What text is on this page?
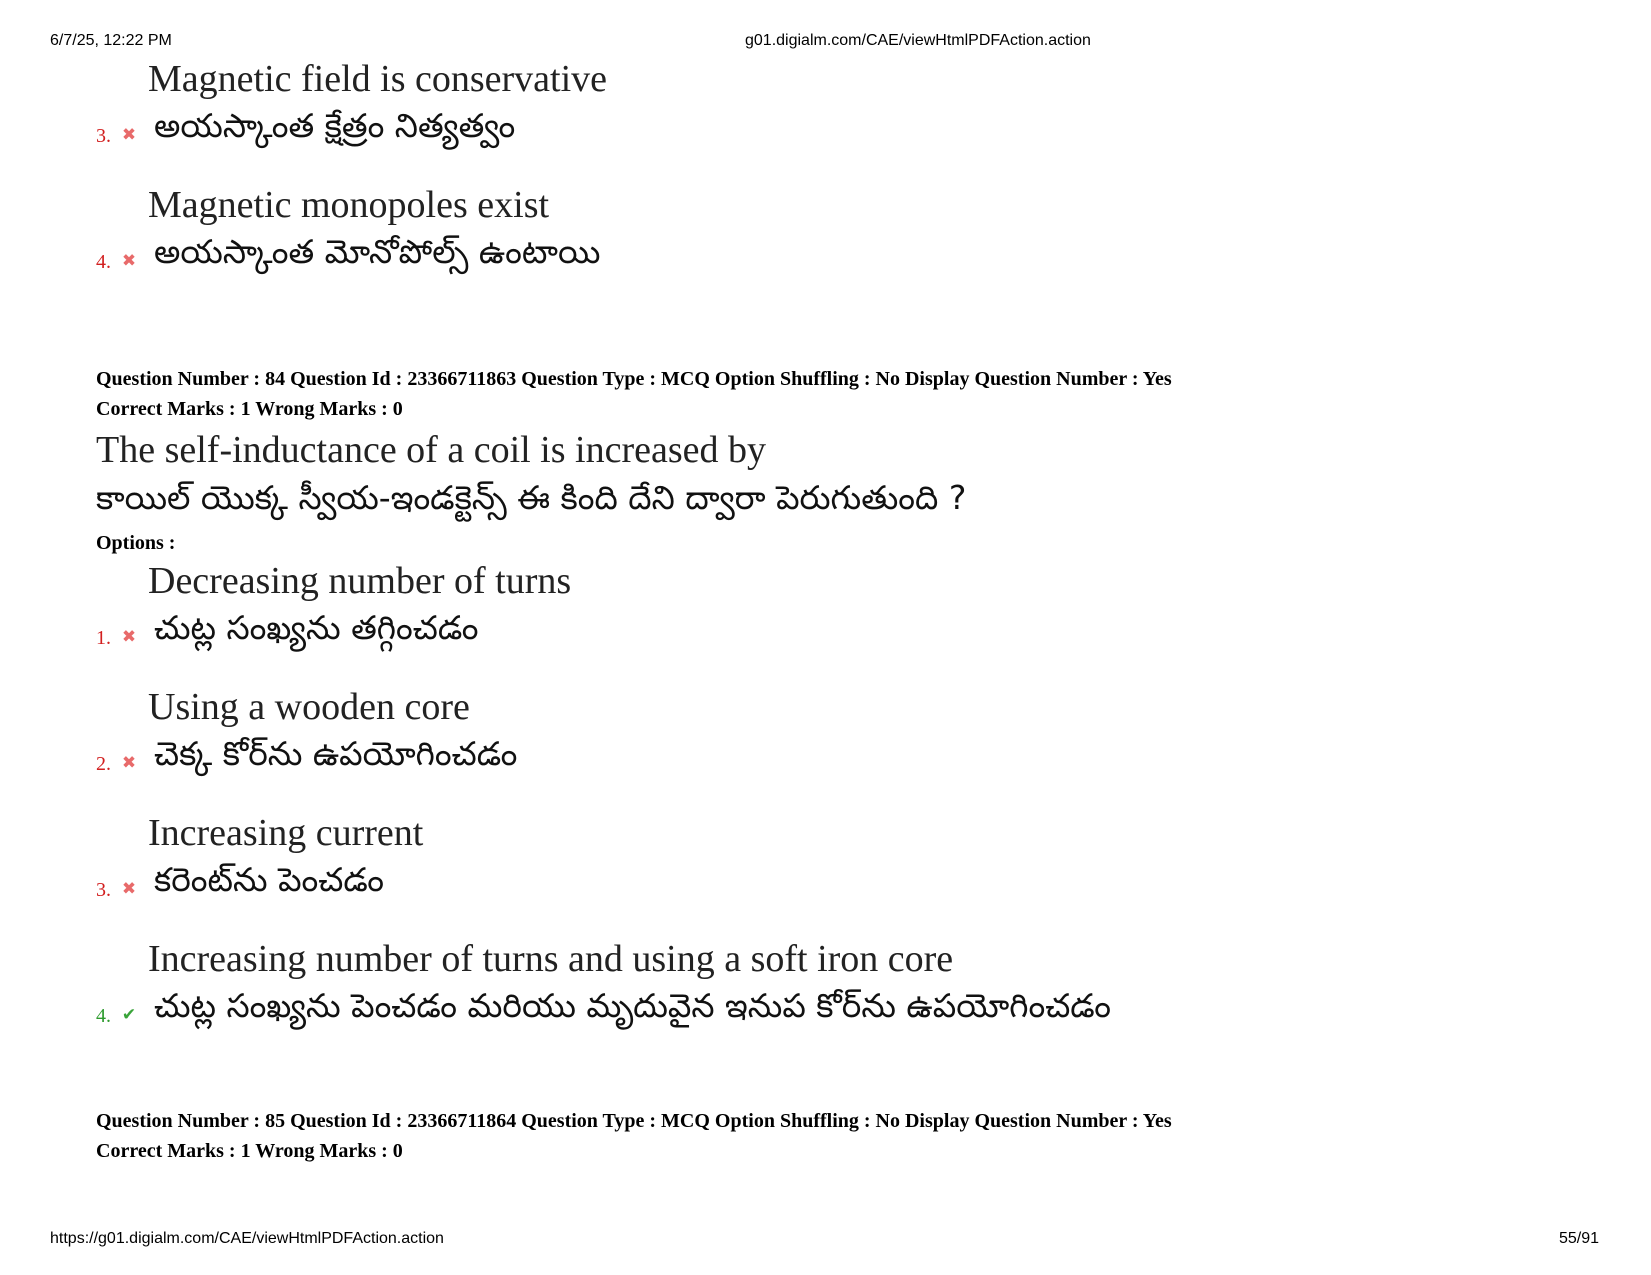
6/7/25, 12:22 PM	g01.digialm.com/CAE/viewHtmlPDFAction.action
Magnetic field is conservative
అయస్కాంత క్షేత్రం నిత్యత్వం
3. ✖
Magnetic monopoles exist
అయస్కాంత మోనోపోల్స్ ఉంటాయి
4. ✖
Question Number : 84 Question Id : 23366711863 Question Type : MCQ Option Shuffling : No Display Question Number : Yes
Correct Marks : 1 Wrong Marks : 0
The self-inductance of a coil is increased by
కాయిల్ యొక్క స్వీయ-ఇండక్టెన్స్ ఈ కింది దేని ద్వారా పెరుగుతుంది ?
Options :
Decreasing number of turns
చుట్ల సంఖ్యను తగ్గించడం
1. ✖
Using a wooden core
చెక్క కోర్‌ను ఉపయోగించడం
2. ✖
Increasing current
కరెంట్‌ను పెంచడం
3. ✖
Increasing number of turns and using a soft iron core
చుట్ల సంఖ్యను పెంచడం మరియు మృదువైన ఇనుప కోర్‌ను ఉపయోగించడం
4. ✔
Question Number : 85 Question Id : 23366711864 Question Type : MCQ Option Shuffling : No Display Question Number : Yes
Correct Marks : 1 Wrong Marks : 0
https://g01.digialm.com/CAE/viewHtmlPDFAction.action	55/91
